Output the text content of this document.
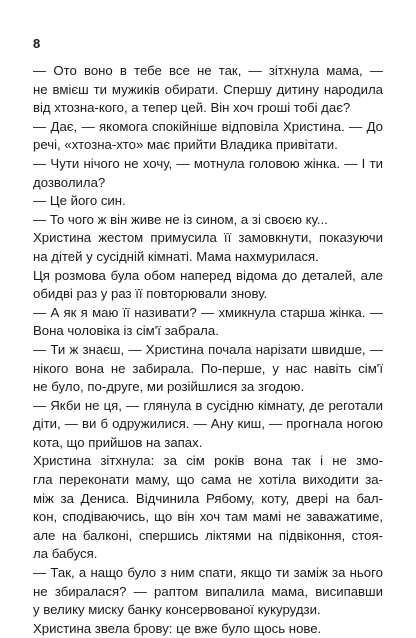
8
— Ото воно в тебе все не так, — зітхнула мама, —
не вмієш ти мужиків обирати. Спершу дитину народила
від хтозна-кого, а тепер цей. Він хоч гроші тобі дає?
— Дає, — якомога спокійніше відповіла Христина. — До
речі, «хтозна-хто» має прийти Владика привітати.
— Чути нічого не хочу, — мотнула головою жінка. — І ти
дозволила?
— Це його син.
— То чого ж він живе не із сином, а зі своєю ку...
Христина жестом примусила її замовкнути, показуючи
на дітей у сусідній кімнаті. Мама нахмурилася.
Ця розмова була обом наперед відома до деталей, але
обидві раз у раз її повторювали знову.
— А як я маю її називати? — хмикнула старша жінка. —
Вона чоловіка із сім'ї забрала.
— Ти ж знаєш, — Христина почала нарізати швидше, —
нікого вона не забирала. По-перше, у нас навіть сім'ї
не було, по-друге, ми розійшлися за згодою.
— Якби не ця, — глянула в сусідню кімнату, де реготали
діти, — ви б одружилися. — Ану киш, — прогнала ногою
кота, що прийшов на запах.
Христина зітхнула: за сім років вона так і не змо-
гла переконати маму, що сама не хотіла виходити за-
між за Дениса. Відчинила Рябому, коту, двері на бал-
кон, сподіваючись, що він хоч там мамі не заважатиме,
але на балконі, спершись ліктями на підвіконня, стоя-
ла бабуся.
— Так, а нащо було з ним спати, якщо ти заміж за нього
не збиралася? — раптом випалила мама, висипавши
у велику миску банку консервованої кукурудзи.
Христина звела брову: це вже було щось нове.
